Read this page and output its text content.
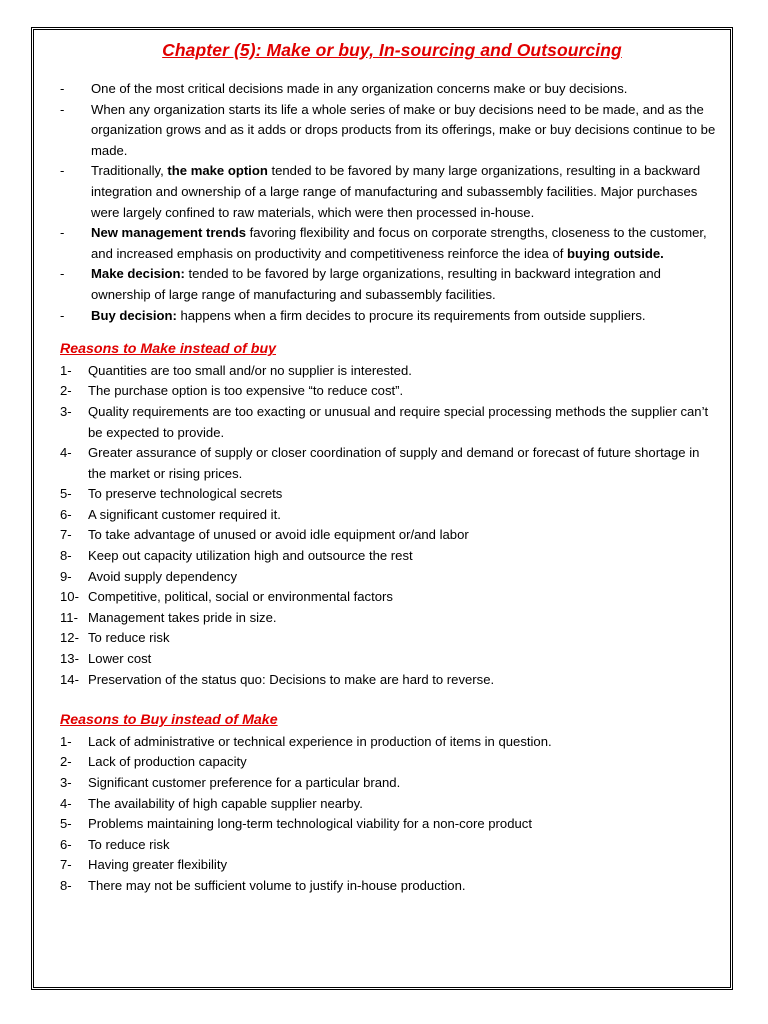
Chapter (5): Make or buy, In-sourcing and Outsourcing
-	One of the most critical decisions made in any organization concerns make or buy decisions.
-	When any organization starts its life a whole series of make or buy decisions need to be made, and as the organization grows and as it adds or drops products from its offerings, make or buy decisions continue to be made.
-	Traditionally, the make option tended to be favored by many large organizations, resulting in a backward integration and ownership of a large range of manufacturing and subassembly facilities. Major purchases were largely confined to raw materials, which were then processed in-house.
-	New management trends favoring flexibility and focus on corporate strengths, closeness to the customer, and increased emphasis on productivity and competitiveness reinforce the idea of buying outside.
-	Make decision: tended to be favored by large organizations, resulting in backward integration and ownership of large range of manufacturing and subassembly facilities.
-	Buy decision: happens when a firm decides to procure its requirements from outside suppliers.
Reasons to Make instead of buy
1-	Quantities are too small and/or no supplier is interested.
2-	The purchase option is too expensive “to reduce cost”.
3-	Quality requirements are too exacting or unusual and require special processing methods the supplier can’t be expected to provide.
4-	Greater assurance of supply or closer coordination of supply and demand or forecast of future shortage in the market or rising prices.
5-	To preserve technological secrets
6-	A significant customer required it.
7-	To take advantage of unused or avoid idle equipment or/and labor
8-	Keep out capacity utilization high and outsource the rest
9-	Avoid supply dependency
10- Competitive, political, social or environmental factors
11- Management takes pride in size.
12- To reduce risk
13- Lower cost
14- Preservation of the status quo: Decisions to make are hard to reverse.
Reasons to Buy instead of Make
1-	Lack of administrative or technical experience in production of items in question.
2-	Lack of production capacity
3-	Significant customer preference for a particular brand.
4-	The availability of high capable supplier nearby.
5-	Problems maintaining long-term technological viability for a non-core product
6-	To reduce risk
7-	Having greater flexibility
8-	There may not be sufficient volume to justify in-house production.
